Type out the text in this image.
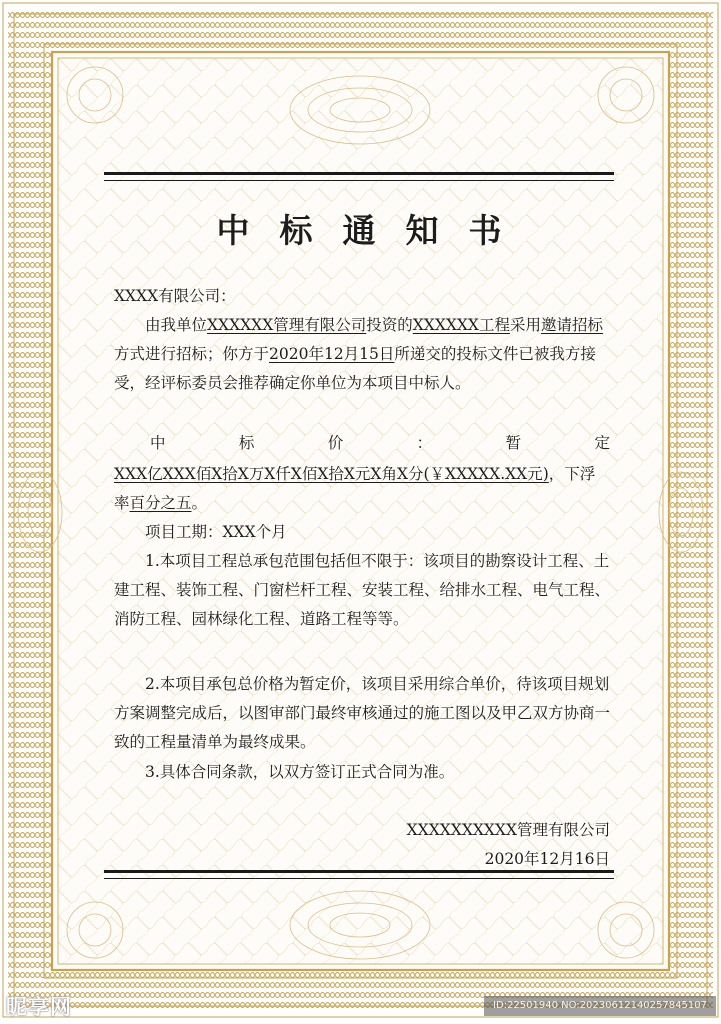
中标通知书
XXXX有限公司：
由我单位XXXXXX管理有限公司投资的XXXXXX工程采用邀请招标方式进行招标；你方于2020年12月15日所递交的投标文件已被我方接受，经评标委员会推荐确定你单位为本项目中标人。
中	标	价	：	暂	定
XXX亿XXX佰X拾X万X仟X佰X拾X元X角X分(￥XXXXX.XX元)，下浮率百分之五。
项目工期：XXX个月
1.本项目工程总承包范围包括但不限于：该项目的勘察设计工程、土建工程、装饰工程、门窗栏杆工程、安装工程、给排水工程、电气工程、消防工程、园林绿化工程、道路工程等等。
2.本项目承包总价格为暂定价，该项目采用综合单价，待该项目规划方案调整完成后，以图审部门最终审核通过的施工图以及甲乙双方协商一致的工程量清单为最终成果。
3.具体合同条款，以双方签订正式合同为准。
XXXXXXXXXX管理有限公司
2020年12月16日
昵享网	ID:22501940 NO:20230612140257845107
